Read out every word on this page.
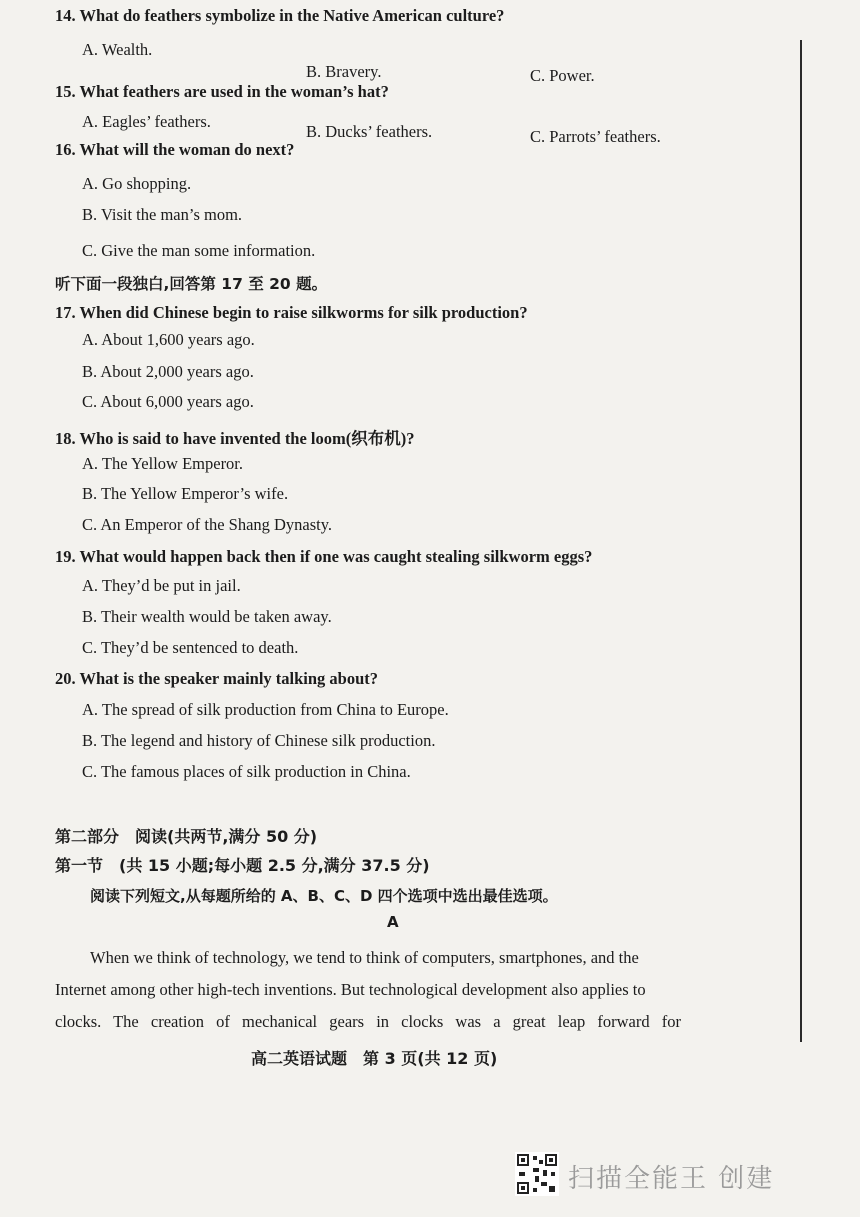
14. What do feathers symbolize in the Native American culture?

A. Wealth.

B. Bravery.	C. Power.

15. What feathers are used in the woman’s hat?

A. Eagles’ feathers.

B. Ducks’ feathers.	C. Parrots’ feathers.

16. What will the woman do next?

A. Go shopping.

B. Visit the man’s mom.

C. Give the man some information.

听下面一段独白,回答第 17 至 20 题。

17. When did Chinese begin to raise silkworms for silk production?

A. About 1,600 years ago.

B. About 2,000 years ago.

C. About 6,000 years ago.

18. Who is said to have invented the loom(织布机)?

A. The Yellow Emperor.

B. The Yellow Emperor’s wife.

C. An Emperor of the Shang Dynasty.

19. What would happen back then if one was caught stealing silkworm eggs?

A. They’d be put in jail.

B. Their wealth would be taken away.

C. They’d be sentenced to death.

20. What is the speaker mainly talking about?

A. The spread of silk production from China to Europe.

B. The legend and history of Chinese silk production.

C. The famous places of silk production in China.

第二部分　阅读(共两节,满分 50 分)

第一节　(共 15 小题;每小题 2.5 分,满分 37.5 分)

阅读下列短文,从每题所给的 A、B、C、D 四个选项中选出最佳选项。

A

When we think of technology, we tend to think of computers, smartphones, and the

Internet among other high-tech inventions. But technological development also applies to

clocks. The creation of mechanical gears in clocks was a great leap forward for

高二英语试题　第 3 页(共 12 页)

扫描全能王 创建
